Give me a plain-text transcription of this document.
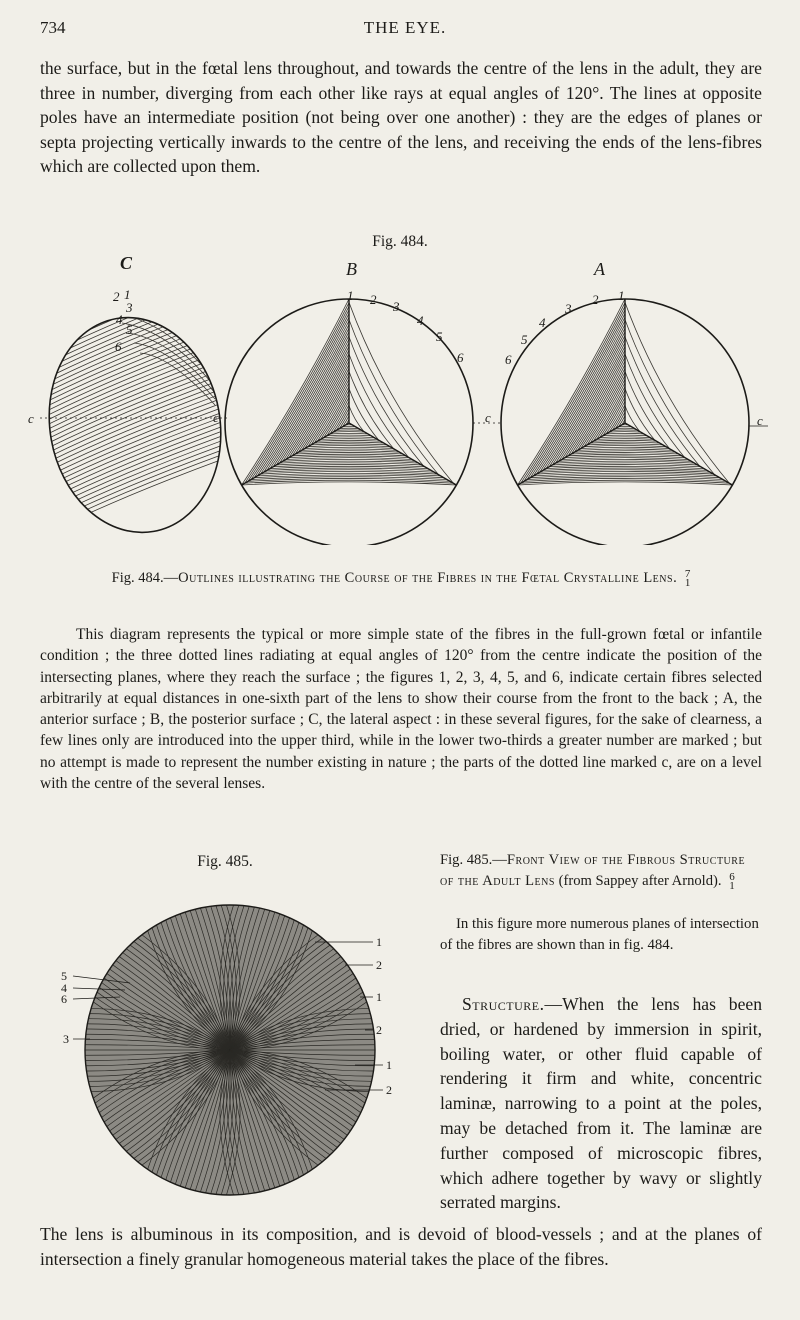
734	THE EYE.

the surface, but in the fœtal lens throughout, and towards the centre of the lens in the adult, they are three in number, diverging from each other like rays at equal angles of 120°. The lines at opposite poles have an intermediate position (not being over one another) : they are the edges of planes or septa projecting vertically inwards to the centre of the lens, and receiving the ends of the lens-fibres which are collected upon them.

Fig. 484.
C	B	A
2 1
3
4
5
6
1 2 3
4
5
6
1
2
3
4
5
6
c	c	c	c

Fig. 484.—Outlines illustrating the Course of the Fibres in the Fœtal Crystalline Lens. 7
1

This diagram represents the typical or more simple state of the fibres in the full-grown fœtal or infantile condition ; the three dotted lines radiating at equal angles of 120° from the centre indicate the position of the intersecting planes, where they reach the surface ; the figures 1, 2, 3, 4, 5, and 6, indicate certain fibres selected arbitrarily at equal distances in one-sixth part of the lens to show their course from the front to the back ; A, the anterior surface ; B, the posterior surface ; C, the lateral aspect : in these several figures, for the sake of clearness, a few lines only are introduced into the upper third, while in the lower two-thirds a greater number are marked ; but no attempt is made to represent the number existing in nature ; the parts of the dotted line marked c, are on a level with the centre of the several lenses.

Fig. 485.
1
2
1
2
1
2
5
4
6
3

Fig. 485.—Front View of the Fibrous Structure of the Adult Lens (from Sappey after Arnold). 6
1

In this figure more numerous planes of intersection of the fibres are shown than in fig. 484.

Structure.—When the lens has been dried, or hardened by immersion in spirit, boiling water, or other fluid capable of rendering it firm and white, concentric laminæ, narrowing to a point at the poles, may be detached from it. The laminæ are further composed of microscopic fibres, which adhere together by wavy or slightly serrated margins.

The lens is albuminous in its composition, and is devoid of blood-vessels ; and at the planes of intersection a finely granular homogeneous material takes the place of the fibres.
